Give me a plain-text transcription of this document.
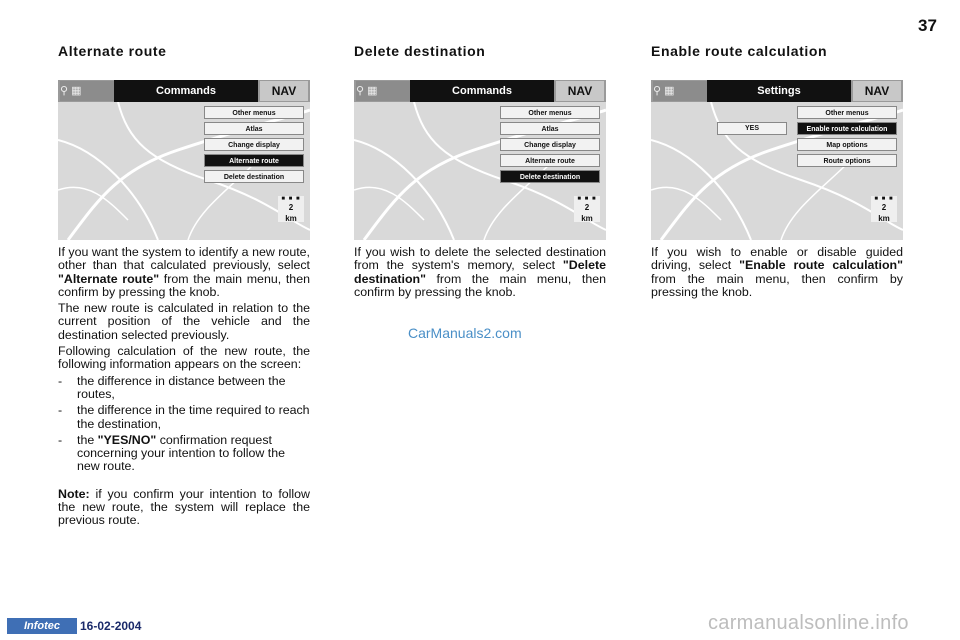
37
Alternate route
⚲ ▦	Commands	NAV
Other menus
Atlas
Change display
Alternate route
Delete destination
■ ■ ■
2
km

If you want the system to identify a new route, other than that calculated previously, select "Alternate route" from the main menu, then confirm by pressing the knob.

The new route is calculated in relation to the current position of the vehicle and the destination selected previously.

Following calculation of the new route, the following information appears on the screen:

-	the difference in distance between the routes,
-	the difference in the time required to reach the destination,
-	the "YES/NO" confirmation request concerning your intention to follow the new route.

Note: if you confirm your intention to follow the new route, the system will replace the previous route.

Delete destination
⚲ ▦	Commands	NAV
Other menus
Atlas
Change display
Alternate route
Delete destination
■ ■ ■
2
km

If you wish to delete the selected destination from the system's memory, select "Delete destination" from the main menu, then confirm by pressing the knob.

CarManuals2.com
Enable route calculation
⚲ ▦	Settings	NAV
YES
Other menus
Enable route calculation
Map options
Route options
■ ■ ■
2
km

If you wish to enable or disable guided driving, select "Enable route calculation" from the main menu, then confirm by pressing the knob.

Infotec	16-02-2004	carmanualsonline.info
